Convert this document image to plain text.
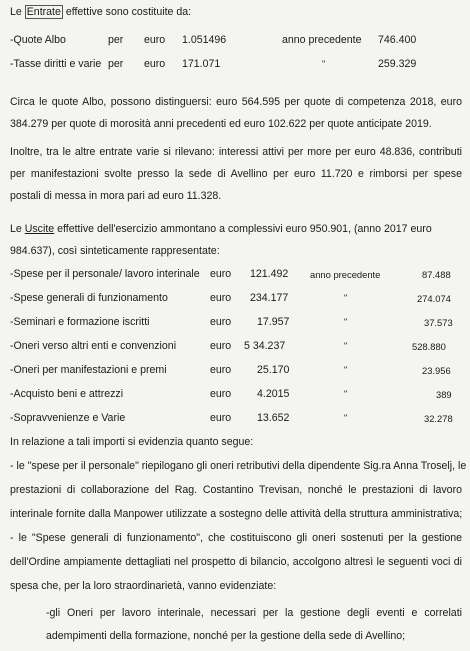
Le Entrate effettive sono costituite da:
-Quote Albo	per euro 1.051496	anno precedente 746.400
-Tasse diritti e varie per euro 171.071	"	259.329
Circa le quote Albo, possono distinguersi: euro 564.595 per quote di competenza 2018, euro
384.279 per quote di morosità anni precedenti ed euro 102.622 per quote anticipate 2019.
Inoltre, tra le altre entrate varie si rilevano: interessi attivi per more per euro 48.836, contributi
per manifestazioni svolte presso la sede di Avellino per euro 11.720 e rimborsi per spese
postali di messa in mora pari ad euro 11.328.
Le Uscite effettive dell'esercizio ammontano a complessivi euro 950.901, (anno 2017 euro
984.637), così sinteticamente rappresentate:
-Spese per il personale/ lavoro interinale euro 121.492 anno precedente	87.488
-Spese generali di funzionamento	euro 234.177	"	274.074
-Seminari e formazione iscritti	euro 17.957	"	37.573
-Oneri verso altri enti e convenzioni	euro 5 34.237	"	528.880
-Oneri per manifestazioni e premi	euro 25.170	"	23.956
-Acquisto beni e attrezzi	euro 4.2015	"	389
-Sopravvenienze e Varie	euro 13.652	"	32.278
In relazione a tali importi si evidenzia quanto segue:
- le "spese per il personale" riepilogano gli oneri retributivi della dipendente Sig.ra Anna Troselj, le
prestazioni di collaborazione del Rag. Costantino Trevisan, nonché le prestazioni di lavoro
interinale fornite dalla Manpower utilizzate a sostegno delle attività della struttura amministrativa;
- le "Spese generali di funzionamento", che costituiscono gli oneri sostenuti per la gestione
dell'Ordine ampiamente dettagliati nel prospetto di bilancio, accolgono altresì le seguenti voci di
spesa che, per la loro straordinarietà, vanno evidenziate:
-gli Oneri per lavoro interinale, necessari per la gestione degli eventi e correlati
adempimenti della formazione, nonché per la gestione della sede di Avellino;
